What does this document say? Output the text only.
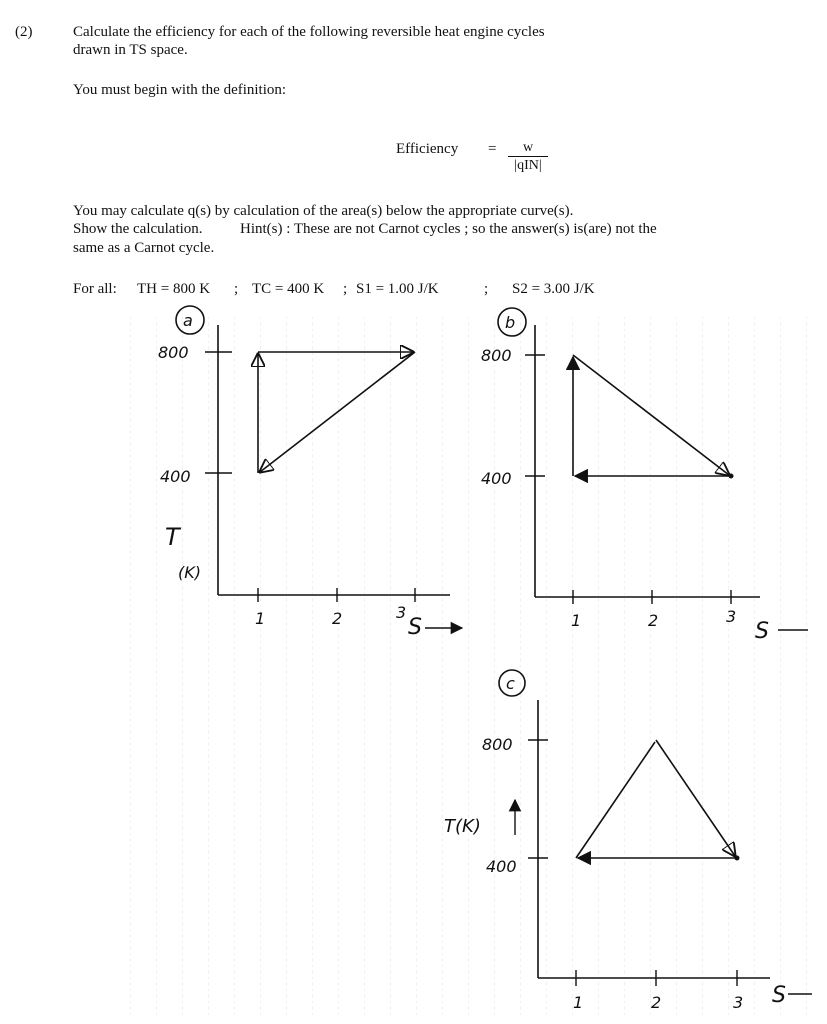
(2)	Calculate the efficiency for each of the following reversible heat engine cycles
drawn in TS space.
You must begin with the definition:
Efficiency =	w
|qIN|
You may calculate q(s) by calculation of the area(s) below the appropriate curve(s).
Show the calculation. Hint(s) : These are not Carnot cycles ; so the answer(s) is(are) not the
same as a Carnot cycle.
For all: TH = 800 K ; TC = 400 K ; S1 = 1.00 J/K	; S2 = 3.00 J/K
a
800
400
T
(K)
1	2	3
S
b
800
400
1	2	3
S
c
800
400
T(K)
1	2	3 S
